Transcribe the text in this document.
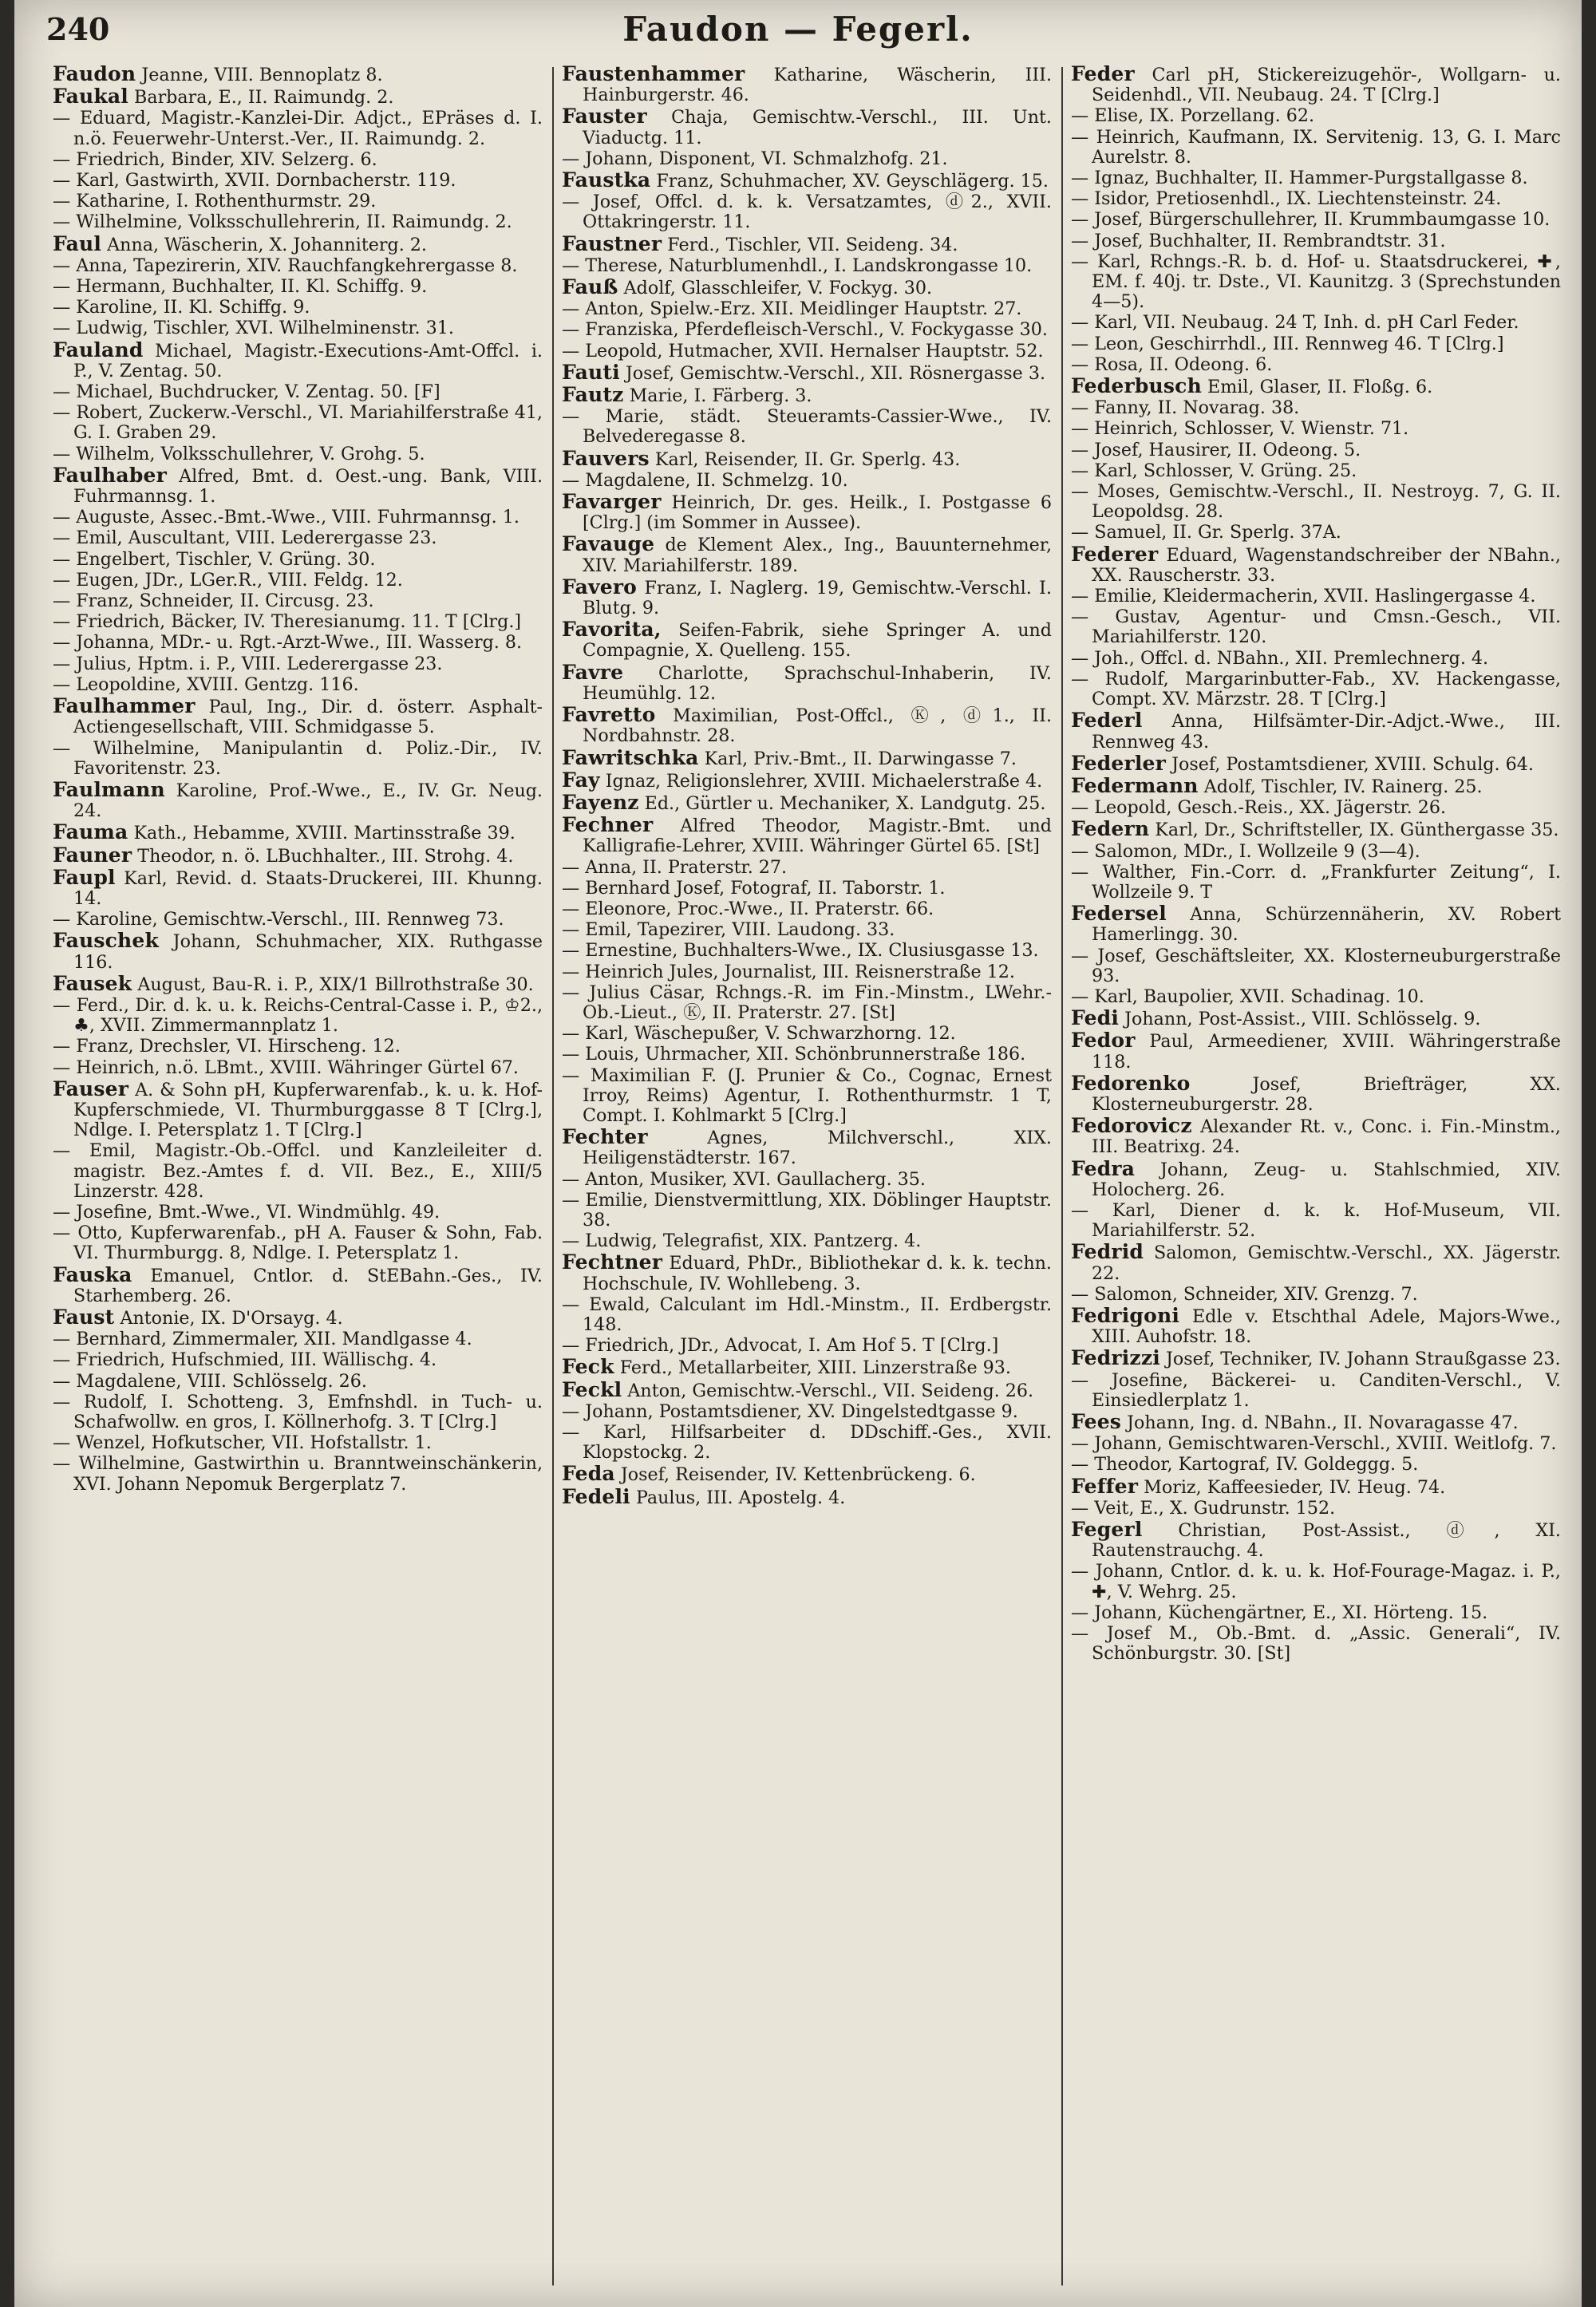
240	Faudon — Fegerl.

Faudon Jeanne, VIII. Bennoplatz 8.

Faukal Barbara, E., II. Raimundg. 2.

— Eduard, Magistr.-Kanzlei-Dir. Adjct., EPräses d. I. n.ö. Feuerwehr-Unterst.-Ver., II. Raimundg. 2.

— Friedrich, Binder, XIV. Selzerg. 6.

— Karl, Gastwirth, XVII. Dornbacherstr. 119.

— Katharine, I. Rothenthurmstr. 29.

— Wilhelmine, Volksschullehrerin, II. Raimundg. 2.

Faul Anna, Wäscherin, X. Johanniterg. 2.

— Anna, Tapezirerin, XIV. Rauchfangkehrergasse 8.

— Hermann, Buchhalter, II. Kl. Schiffg. 9.

— Karoline, II. Kl. Schiffg. 9.

— Ludwig, Tischler, XVI. Wilhelminenstr. 31.

Fauland Michael, Magistr.-Executions-Amt-Offcl. i. P., V. Zentag. 50.

— Michael, Buchdrucker, V. Zentag. 50. [F]

— Robert, Zuckerw.-Verschl., VI. Mariahilferstraße 41, G. I. Graben 29.

— Wilhelm, Volksschullehrer, V. Grohg. 5.

Faulhaber Alfred, Bmt. d. Oest.-ung. Bank, VIII. Fuhrmannsg. 1.

— Auguste, Assec.-Bmt.-Wwe., VIII. Fuhrmannsg. 1.

— Emil, Auscultant, VIII. Lederergasse 23.

— Engelbert, Tischler, V. Grüng. 30.

— Eugen, JDr., LGer.R., VIII. Feldg. 12.

— Franz, Schneider, II. Circusg. 23.

— Friedrich, Bäcker, IV. Theresianumg. 11. T [Clrg.]

— Johanna, MDr.- u. Rgt.-Arzt-Wwe., III. Wasserg. 8.

— Julius, Hptm. i. P., VIII. Lederergasse 23.

— Leopoldine, XVIII. Gentzg. 116.

Faulhammer Paul, Ing., Dir. d. österr. Asphalt-Actiengesellschaft, VIII. Schmidgasse 5.

— Wilhelmine, Manipulantin d. Poliz.-Dir., IV. Favoritenstr. 23.

Faulmann Karoline, Prof.-Wwe., E., IV. Gr. Neug. 24.

Fauma Kath., Hebamme, XVIII. Martinsstraße 39.

Fauner Theodor, n. ö. LBuchhalter., III. Strohg. 4.

Faupl Karl, Revid. d. Staats-Druckerei, III. Khunng. 14.

— Karoline, Gemischtw.-Verschl., III. Rennweg 73.

Fauschek Johann, Schuhmacher, XIX. Ruthgasse 116.

Fausek August, Bau-R. i. P., XIX/1 Billrothstraße 30.

— Ferd., Dir. d. k. u. k. Reichs-Central-Casse i. P., ♔2., ♣, XVII. Zimmermannplatz 1.

— Franz, Drechsler, VI. Hirscheng. 12.

— Heinrich, n.ö. LBmt., XVIII. Währinger Gürtel 67.

Fauser A. & Sohn pH, Kupferwarenfab., k. u. k. Hof-Kupferschmiede, VI. Thurmburggasse 8 T [Clrg.], Ndlge. I. Petersplatz 1. T [Clrg.]

— Emil, Magistr.-Ob.-Offcl. und Kanzleileiter d. magistr. Bez.-Amtes f. d. VII. Bez., E., XIII/5 Linzerstr. 428.

— Josefine, Bmt.-Wwe., VI. Windmühlg. 49.

— Otto, Kupferwarenfab., pH A. Fauser & Sohn, Fab. VI. Thurmburgg. 8, Ndlge. I. Petersplatz 1.

Fauska Emanuel, Cntlor. d. StEBahn.-Ges., IV. Starhemberg. 26.

Faust Antonie, IX. D'Orsayg. 4.

— Bernhard, Zimmermaler, XII. Mandlgasse 4.

— Friedrich, Hufschmied, III. Wällischg. 4.

— Magdalene, VIII. Schlösselg. 26.

— Rudolf, I. Schotteng. 3, Emfnshdl. in Tuch- u. Schafwollw. en gros, I. Köllnerhofg. 3. T [Clrg.]

— Wenzel, Hofkutscher, VII. Hofstallstr. 1.

— Wilhelmine, Gastwirthin u. Branntweinschänkerin, XVI. Johann Nepomuk Bergerplatz 7.

Faustenhammer Katharine, Wäscherin, III. Hainburgerstr. 46.

Fauster Chaja, Gemischtw.-Verschl., III. Unt. Viaductg. 11.

— Johann, Disponent, VI. Schmalzhofg. 21.

Faustka Franz, Schuhmacher, XV. Geyschlägerg. 15.

— Josef, Offcl. d. k. k. Versatzamtes, ⓓ2., XVII. Ottakringerstr. 11.

Faustner Ferd., Tischler, VII. Seideng. 34.

— Therese, Naturblumenhdl., I. Landskrongasse 10.

Fauß Adolf, Glasschleifer, V. Fockyg. 30.

— Anton, Spielw.-Erz. XII. Meidlinger Hauptstr. 27.

— Franziska, Pferdefleisch-Verschl., V. Fockygasse 30.

— Leopold, Hutmacher, XVII. Hernalser Hauptstr. 52.

Fauti Josef, Gemischtw.-Verschl., XII. Rösnergasse 3.

Fautz Marie, I. Färberg. 3.

— Marie, städt. Steueramts-Cassier-Wwe., IV. Belvederegasse 8.

Fauvers Karl, Reisender, II. Gr. Sperlg. 43.

— Magdalene, II. Schmelzg. 10.

Favarger Heinrich, Dr. ges. Heilk., I. Postgasse 6 [Clrg.] (im Sommer in Aussee).

Favauge de Klement Alex., Ing., Bauunternehmer, XIV. Mariahilferstr. 189.

Favero Franz, I. Naglerg. 19, Gemischtw.-Verschl. I. Blutg. 9.

Favorita, Seifen-Fabrik, siehe Springer A. und Compagnie, X. Quelleng. 155.

Favre Charlotte, Sprachschul-Inhaberin, IV. Heumühlg. 12.

Favretto Maximilian, Post-Offcl., Ⓚ, ⓓ1., II. Nordbahnstr. 28.

Fawritschka Karl, Priv.-Bmt., II. Darwingasse 7.

Fay Ignaz, Religionslehrer, XVIII. Michaelerstraße 4.

Fayenz Ed., Gürtler u. Mechaniker, X. Landgutg. 25.

Fechner Alfred Theodor, Magistr.-Bmt. und Kalligrafie-Lehrer, XVIII. Währinger Gürtel 65. [St]

— Anna, II. Praterstr. 27.

— Bernhard Josef, Fotograf, II. Taborstr. 1.

— Eleonore, Proc.-Wwe., II. Praterstr. 66.

— Emil, Tapezirer, VIII. Laudong. 33.

— Ernestine, Buchhalters-Wwe., IX. Clusiusgasse 13.

— Heinrich Jules, Journalist, III. Reisnerstraße 12.

— Julius Cäsar, Rchngs.-R. im Fin.-Minstm., LWehr.-Ob.-Lieut., Ⓚ, II. Praterstr. 27. [St]

— Karl, Wäschepußer, V. Schwarzhorng. 12.

— Louis, Uhrmacher, XII. Schönbrunnerstraße 186.

— Maximilian F. (J. Prunier & Co., Cognac, Ernest Irroy, Reims) Agentur, I. Rothenthurmstr. 1 T, Compt. I. Kohlmarkt 5 [Clrg.]

Fechter	Agnes, Milchverschl., XIX. Heiligenstädterstr. 167.

— Anton, Musiker, XVI. Gaullacherg. 35.

— Emilie, Dienstvermittlung, XIX. Döblinger Hauptstr. 38.

— Ludwig, Telegrafist, XIX. Pantzerg. 4.

Fechtner Eduard, PhDr., Bibliothekar d. k. k. techn. Hochschule, IV. Wohllebeng. 3.

— Ewald, Calculant im Hdl.-Minstm., II. Erdbergstr. 148.

— Friedrich, JDr., Advocat, I. Am Hof 5. T [Clrg.]

Feck Ferd., Metallarbeiter, XIII. Linzerstraße 93.

Feckl Anton, Gemischtw.-Verschl., VII. Seideng. 26.

— Johann, Postamtsdiener, XV. Dingelstedtgasse 9.

— Karl, Hilfsarbeiter d. DDschiff.-Ges., XVII. Klopstockg. 2.

Feda Josef, Reisender, IV. Kettenbrückeng. 6.

Fedeli Paulus, III. Apostelg. 4.

Feder Carl pH, Stickereizugehör-, Wollgarn- u. Seidenhdl., VII. Neubaug. 24. T [Clrg.]

— Elise, IX. Porzellang. 62.

— Heinrich, Kaufmann, IX. Servitenig. 13, G. I. Marc Aurelstr. 8.

— Ignaz, Buchhalter, II. Hammer-Purgstallgasse 8.

— Isidor, Pretiosenhdl., IX. Liechtensteinstr. 24.

— Josef, Bürgerschullehrer, II. Krummbaumgasse 10.

— Josef, Buchhalter, II. Rembrandtstr. 31.

— Karl, Rchngs.-R. b. d. Hof- u. Staatsdruckerei, ✚, EM. f. 40j. tr. Dste., VI. Kaunitzg. 3 (Sprechstunden 4—5).

— Karl, VII. Neubaug. 24 T, Inh. d. pH Carl Feder.

— Leon, Geschirrhdl., III. Rennweg 46. T [Clrg.]

— Rosa, II. Odeong. 6.

Federbusch Emil, Glaser, II. Floßg. 6.

— Fanny, II. Novarag. 38.

— Heinrich, Schlosser, V. Wienstr. 71.

— Josef, Hausirer, II. Odeong. 5.

— Karl, Schlosser, V. Grüng. 25.

— Moses, Gemischtw.-Verschl., II. Nestroyg. 7, G. II. Leopoldsg. 28.

— Samuel, II. Gr. Sperlg. 37A.

Federer Eduard, Wagenstandschreiber der NBahn., XX. Rauscherstr. 33.

— Emilie, Kleidermacherin, XVII. Haslingergasse 4.

— Gustav, Agentur- und Cmsn.-Gesch., VII. Mariahilferstr. 120.

— Joh., Offcl. d. NBahn., XII. Premlechnerg. 4.

— Rudolf, Margarinbutter-Fab., XV. Hackengasse, Compt. XV. Märzstr. 28. T [Clrg.]

Federl Anna, Hilfsämter-Dir.-Adjct.-Wwe., III. Rennweg 43.

Federler Josef, Postamtsdiener, XVIII. Schulg. 64.

Federmann Adolf, Tischler, IV. Rainerg. 25.

— Leopold, Gesch.-Reis., XX. Jägerstr. 26.

Federn Karl, Dr., Schriftsteller, IX. Günthergasse 35.

— Salomon, MDr., I. Wollzeile 9 (3—4).

— Walther, Fin.-Corr. d. „Frankfurter Zeitung“, I. Wollzeile 9. T

Federsel Anna, Schürzennäherin, XV. Robert Hamerlingg. 30.

— Josef, Geschäftsleiter, XX. Klosterneuburgerstraße 93.

— Karl, Baupolier, XVII. Schadinag. 10.

Fedi Johann, Post-Assist., VIII. Schlösselg. 9.

Fedor Paul, Armeediener, XVIII. Währingerstraße 118.

Fedorenko	Josef, Briefträger, XX. Klosterneuburgerstr. 28.

Fedorovicz Alexander Rt. v., Conc. i. Fin.-Minstm., III. Beatrixg. 24.

Fedra Johann, Zeug- u. Stahlschmied, XIV. Holocherg. 26.

— Karl, Diener d. k. k. Hof-Museum, VII. Mariahilferstr. 52.

Fedrid Salomon, Gemischtw.-Verschl., XX. Jägerstr. 22.

— Salomon, Schneider, XIV. Grenzg. 7.

Fedrigoni Edle v. Etschthal Adele, Majors-Wwe., XIII. Auhofstr. 18.

Fedrizzi Josef, Techniker, IV. Johann Straußgasse 23.

— Josefine, Bäckerei- u. Canditen-Verschl., V. Einsiedlerplatz 1.

Fees Johann, Ing. d. NBahn., II. Novaragasse 47.

— Johann, Gemischtwaren-Verschl., XVIII. Weitlofg. 7.

— Theodor, Kartograf, IV. Goldeggg. 5.

Feffer Moriz, Kaffeesieder, IV. Heug. 74.

— Veit, E., X. Gudrunstr. 152.

Fegerl Christian, Post-Assist., ⓓ, XI. Rautenstrauchg. 4.

— Johann, Cntlor. d. k. u. k. Hof-Fourage-Magaz. i. P., ✚, V. Wehrg. 25.

— Johann, Küchengärtner, E., XI. Hörteng. 15.

— Josef M., Ob.-Bmt. d. „Assic. Generali“, IV. Schönburgstr. 30. [St]
